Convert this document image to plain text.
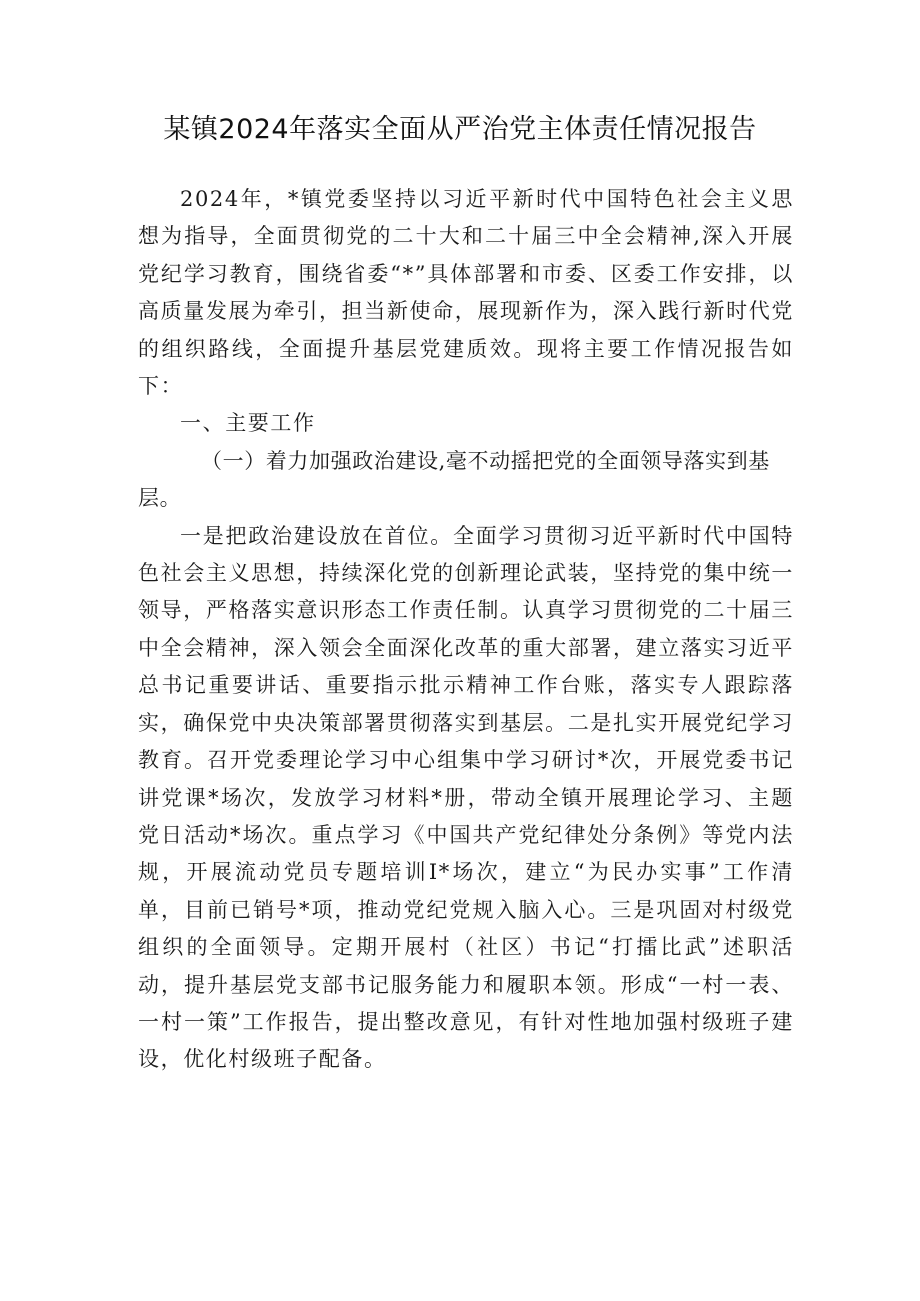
某镇2024年落实全面从严治党主体责任情况报告

2024年，*镇党委坚持以习近平新时代中国特色社会主义思想为指导，全面贯彻党的二十大和二十届三中全会精神,深入开展党纪学习教育，围绕省委“*”具体部署和市委、区委工作安排，以高质量发展为牵引，担当新使命，展现新作为，深入践行新时代党的组织路线，全面提升基层党建质效。现将主要工作情况报告如下：

一、主要工作

（一）着力加强政治建设,毫不动摇把党的全面领导落实到基层。

一是把政治建设放在首位。全面学习贯彻习近平新时代中国特色社会主义思想，持续深化党的创新理论武装，坚持党的集中统一领导，严格落实意识形态工作责任制。认真学习贯彻党的二十届三中全会精神，深入领会全面深化改革的重大部署，建立落实习近平总书记重要讲话、重要指示批示精神工作台账，落实专人跟踪落实，确保党中央决策部署贯彻落实到基层。二是扎实开展党纪学习教育。召开党委理论学习中心组集中学习研讨*次，开展党委书记讲党课*场次，发放学习材料*册，带动全镇开展理论学习、主题党日活动*场次。重点学习《中国共产党纪律处分条例》等党内法规，开展流动党员专题培训I*场次，建立“为民办实事”工作清单，目前已销号*项，推动党纪党规入脑入心。三是巩固对村级党组织的全面领导。定期开展村（社区）书记“打擂比武”述职活动，提升基层党支部书记服务能力和履职本领。形成“一村一表、一村一策”工作报告，提出整改意见，有针对性地加强村级班子建设，优化村级班子配备。
